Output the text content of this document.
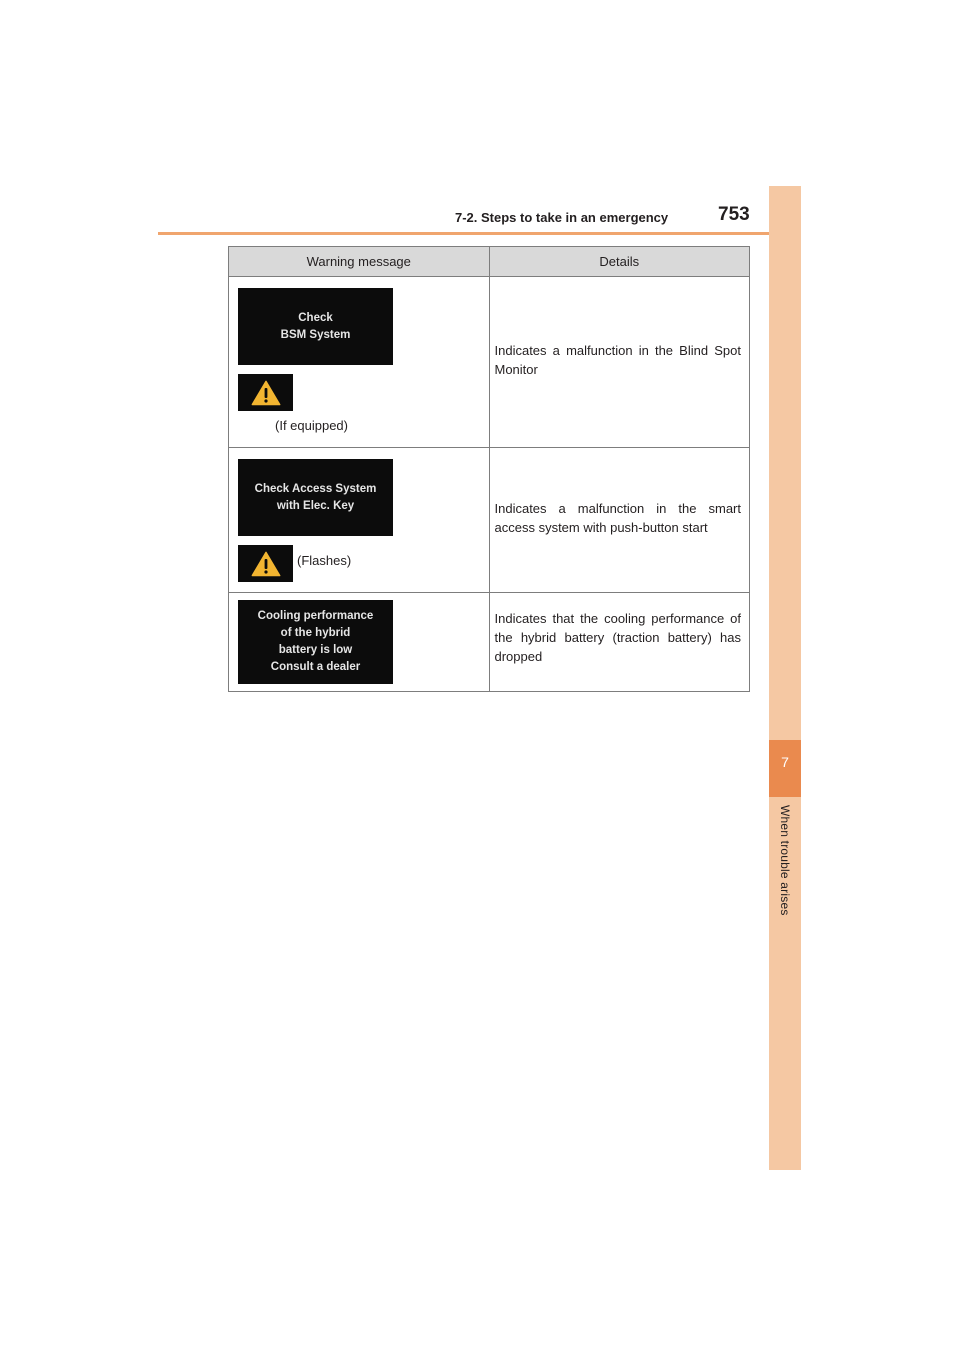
7-2. Steps to take in an emergency	753
7
When trouble arises
Warning message	Details

Check
BSM System
(If equipped)	Indicates a malfunction in the Blind Spot Monitor

Check Access System
with Elec. Key
(Flashes)	Indicates a malfunction in the smart access system with push-button start

Cooling performance
of the hybrid
battery is low
Consult a dealer	Indicates that the cooling performance of the hybrid battery (traction battery) has dropped
